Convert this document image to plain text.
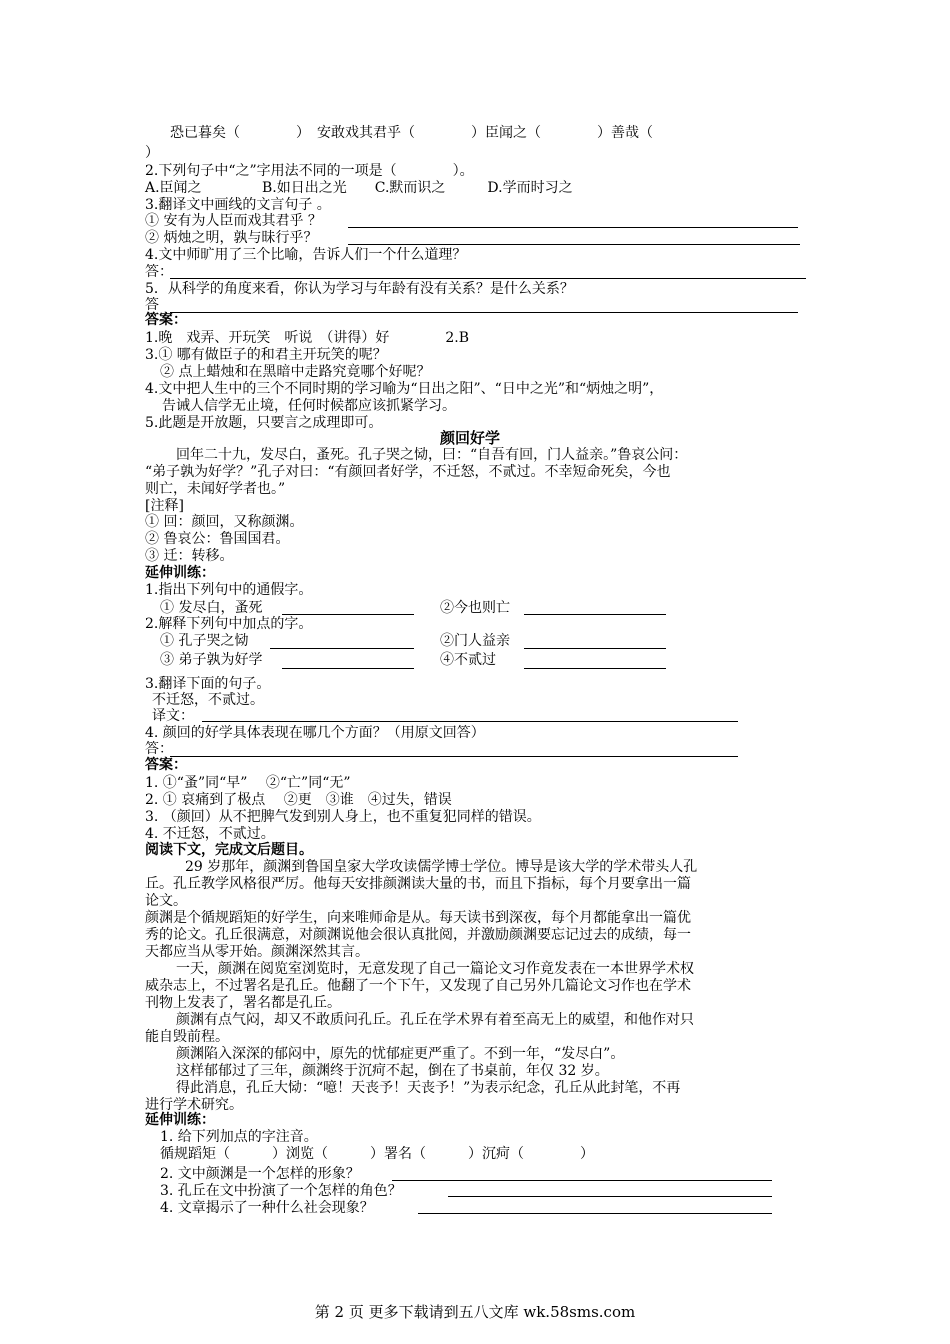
恐已暮矣（　　　　）　安敢戏其君乎（　　　　）臣闻之（　　　　）善哉（
）
2.下列句子中“之”字用法不同的一项是（　　　　）。
A.臣闻之　　　　 B.如日出之光　　C.默而识之　　　D.学而时习之
3.翻译文中画线的文言句子 。
① 安有为人臣而戏其君乎 ？
② 炳烛之明，孰与昧行乎？
4.文中师旷用了三个比喻，告诉人们一个什么道理？
答：
5．从科学的角度来看，你认为学习与年龄有没有关系？是什么关系？
答
答案：
1.晚　戏弄、开玩笑　听说　（讲得）好　　　　2.B
3.① 哪有做臣子的和君主开玩笑的呢？
② 点上蜡烛和在黑暗中走路究竟哪个好呢？
4.文中把人生中的三个不同时期的学习喻为“日出之阳”、“日中之光”和“炳烛之明”，
告诫人信学无止境，任何时候都应该抓紧学习。
5.此题是开放题，只要言之成理即可。
颜回好学
回年二十九，发尽白，蚤死。孔子哭之恸，曰：“自吾有回，门人益亲。”鲁哀公问：
“弟子孰为好学？”孔子对曰：“有颜回者好学，不迁怒，不贰过。不幸短命死矣，今也
则亡，未闻好学者也。”
[注释]
① 回：颜回，又称颜渊。
② 鲁哀公：鲁国国君。
③ 迁：转移。
延伸训练：
1.指出下列句中的通假字。
① 发尽白，蚤死	②今也则亡
2.解释下列句中加点的字。
① 孔子哭之恸	②门人益亲
③ 弟子孰为好学	④不贰过
3.翻译下面的句子。
不迁怒，不贰过。
译文：
4. 颜回的好学具体表现在哪几个方面？（用原文回答）
答：
答案：
1. ①“蚤”同“早”　 ②“亡”同“无”
2. ① 哀痛到了极点　 ②更　③谁　④过失，错误
3. （颜回）从不把脾气发到别人身上，也不重复犯同样的错误。
4. 不迁怒，不贰过。
阅读下文，完成文后题目。
29 岁那年，颜渊到鲁国皇家大学攻读儒学博士学位。博导是该大学的学术带头人孔
丘。孔丘教学风格很严厉。他每天安排颜渊读大量的书，而且下指标，每个月要拿出一篇
论文。
颜渊是个循规蹈矩的好学生，向来唯师命是从。每天读书到深夜，每个月都能拿出一篇优
秀的论文。孔丘很满意，对颜渊说他会很认真批阅，并激励颜渊要忘记过去的成绩，每一
天都应当从零开始。颜渊深然其言。
一天，颜渊在阅览室浏览时，无意发现了自己一篇论文习作竟发表在一本世界学术权
威杂志上，不过署名是孔丘。他翻了一个下午，又发现了自己另外几篇论文习作也在学术
刊物上发表了，署名都是孔丘。
颜渊有点气闷，却又不敢质问孔丘。孔丘在学术界有着至高无上的威望，和他作对只
能自毁前程。
颜渊陷入深深的郁闷中，原先的忧郁症更严重了。不到一年，“发尽白”。
这样郁郁过了三年，颜渊终于沉疴不起，倒在了书桌前，年仅 32 岁。
得此消息，孔丘大恸：“噫！天丧予！天丧予！”为表示纪念，孔丘从此封笔，不再
进行学术研究。
延伸训练：
1. 给下列加点的字注音。
循规蹈矩（　　　）浏览（　　　）署名（　　　）沉疴（　　　　）
2. 文中颜渊是一个怎样的形象？
3. 孔丘在文中扮演了一个怎样的角色？
4. 文章揭示了一种什么社会现象？
第 2 页 更多下载请到五八文库 wk.58sms.com
